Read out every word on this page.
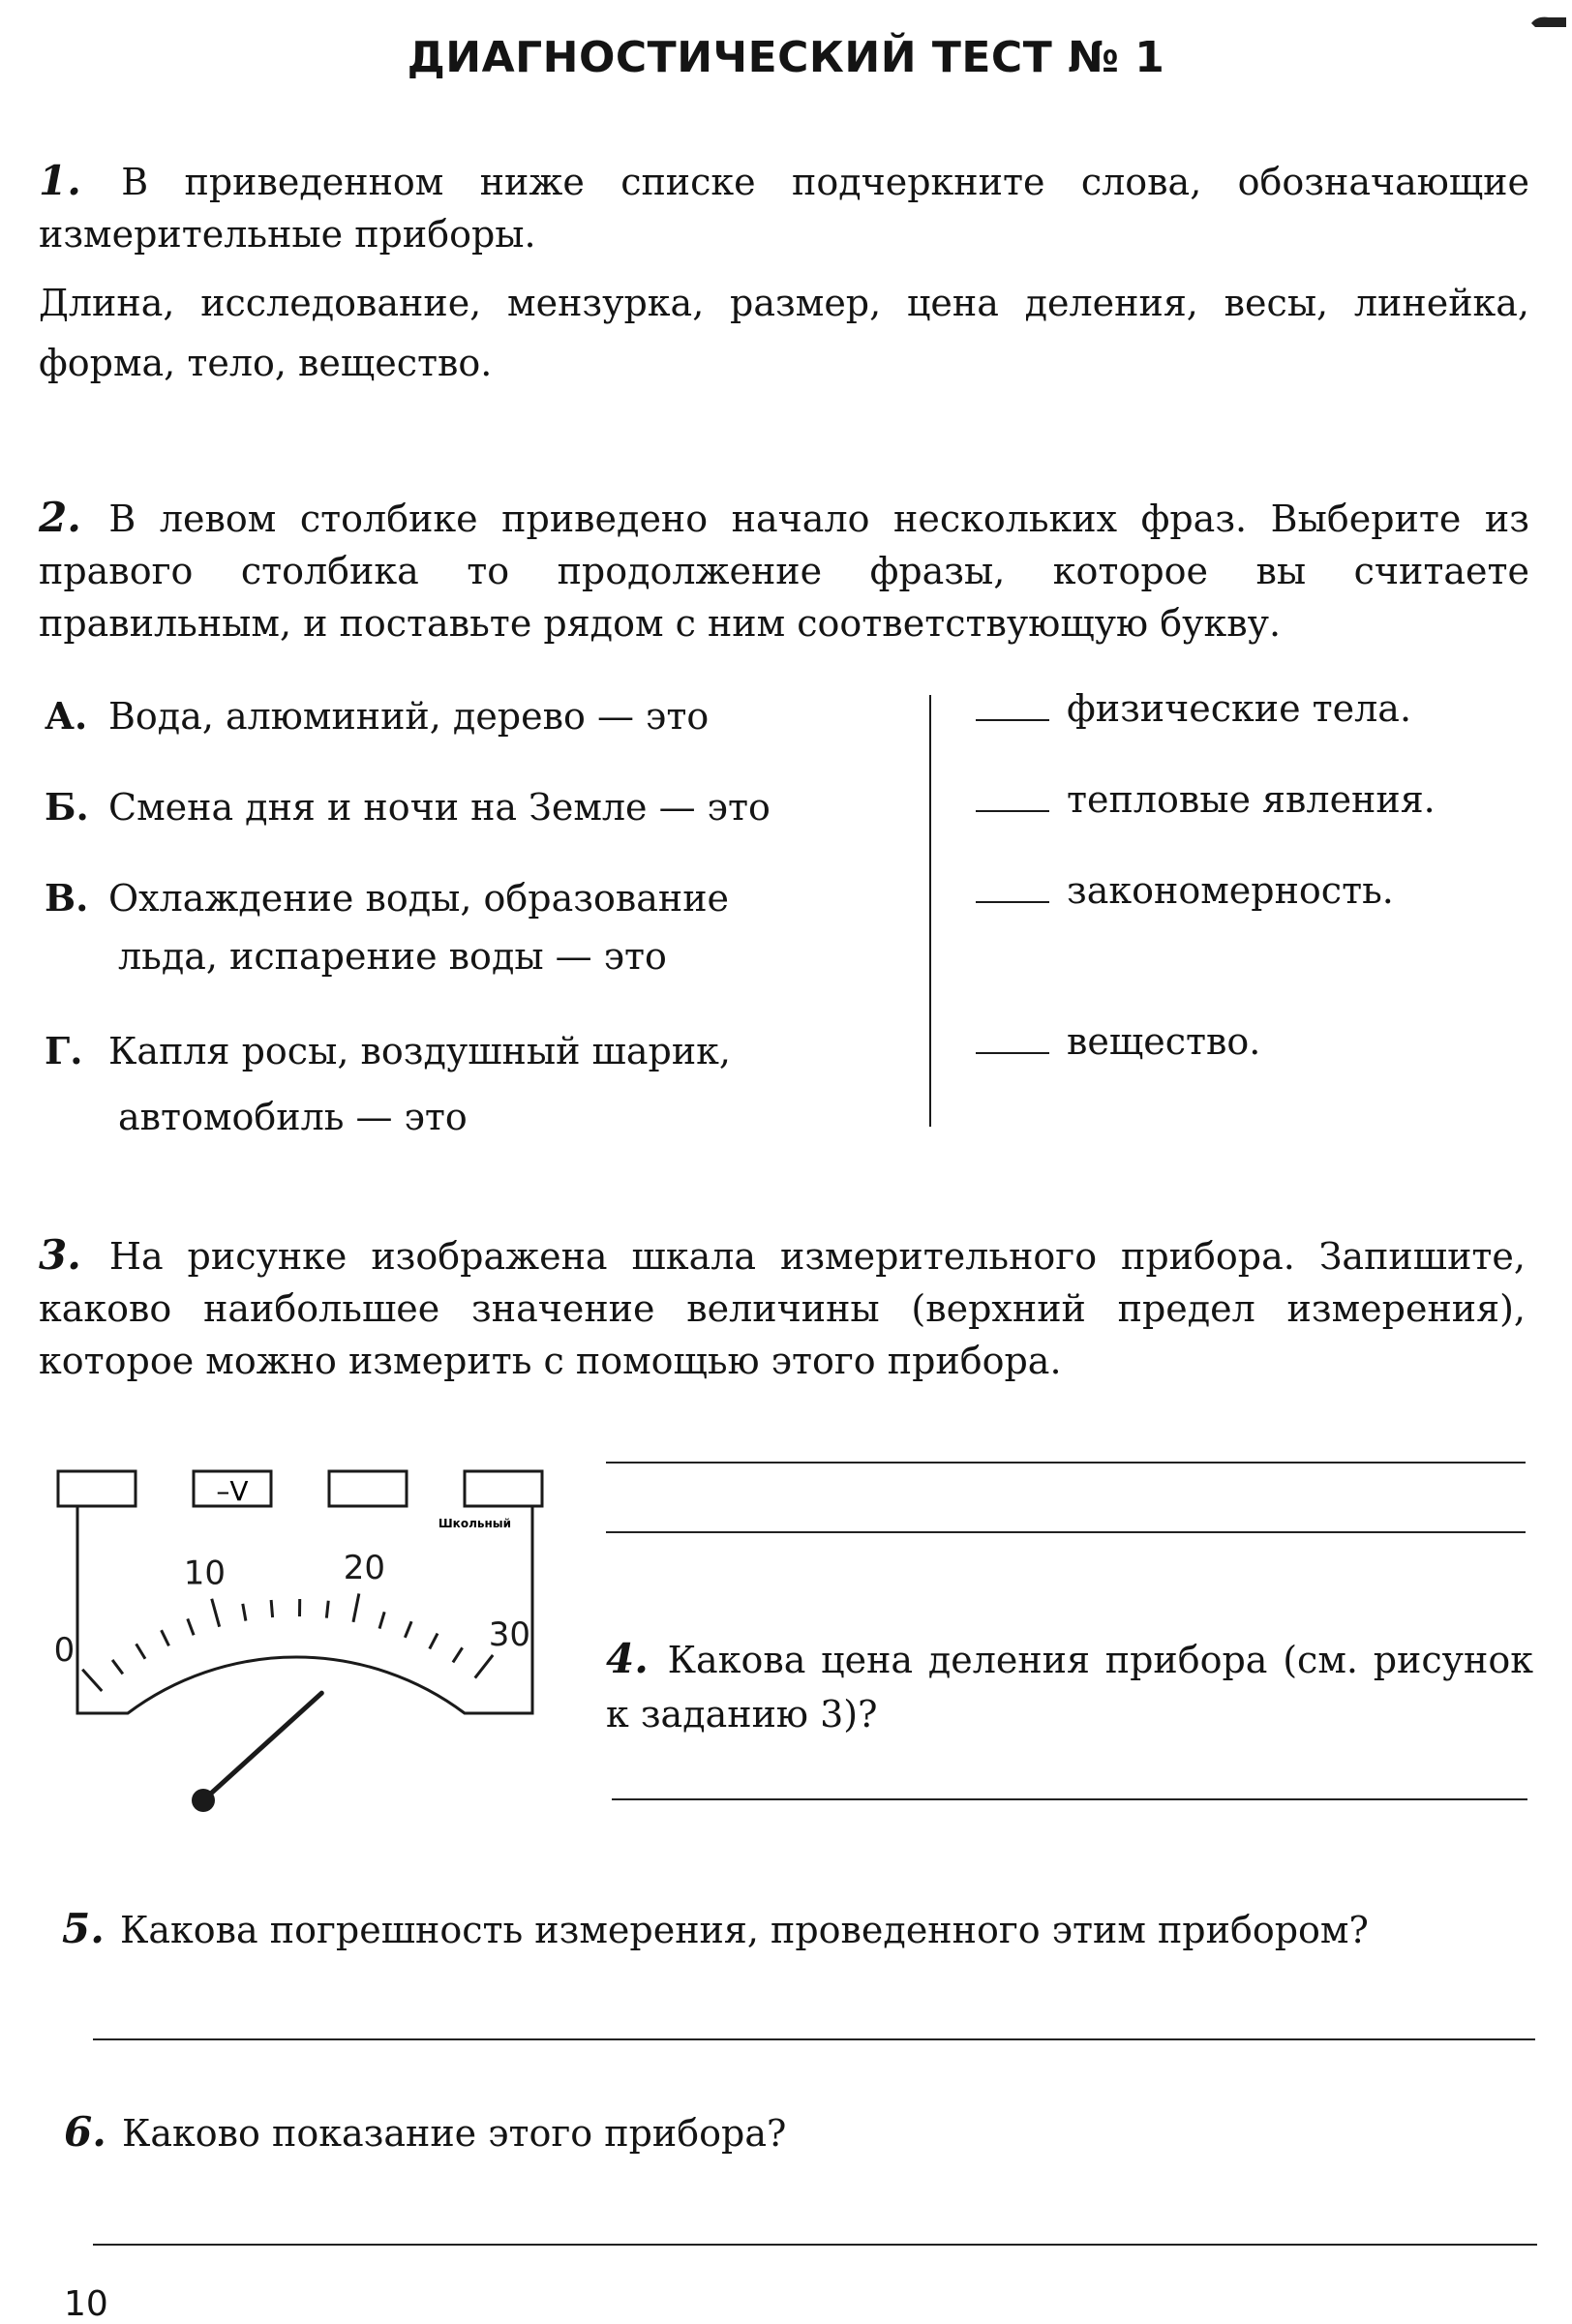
ДИАГНОСТИЧЕСКИЙ ТЕСТ № 1

1. В приведенном ниже списке подчеркните слова, обозначающие измерительные приборы.

Длина, исследование, мензурка, размер, цена деления, весы, линейка, форма, тело, вещество.

2. В левом столбике приведено начало нескольких фраз. Выберите из правого столбика то продолжение фразы, которое вы считаете правильным, и поставьте рядом с ним соответствующую букву.

А. Вода, алюминий, дерево — это
Б. Смена дня и ночи на Земле — это
В. Охлаждение воды, образование
льда, испарение воды — это
Г. Капля росы, воздушный шарик,
автомобиль — это
физические тела.
тепловые явления.
закономерность.
вещество.

3. На рисунке изображена шкала измерительного прибора. Запишите, каково наибольшее значение величины (верхний предел измерения), которое можно измерить с помощью этого прибора.

–V
Школьный
0
10	20
30

4. Какова цена деления прибора (см. рисунок к заданию 3)?

5. Какова погрешность измерения, проведенного этим прибором?

6. Каково показание этого прибора?

10
